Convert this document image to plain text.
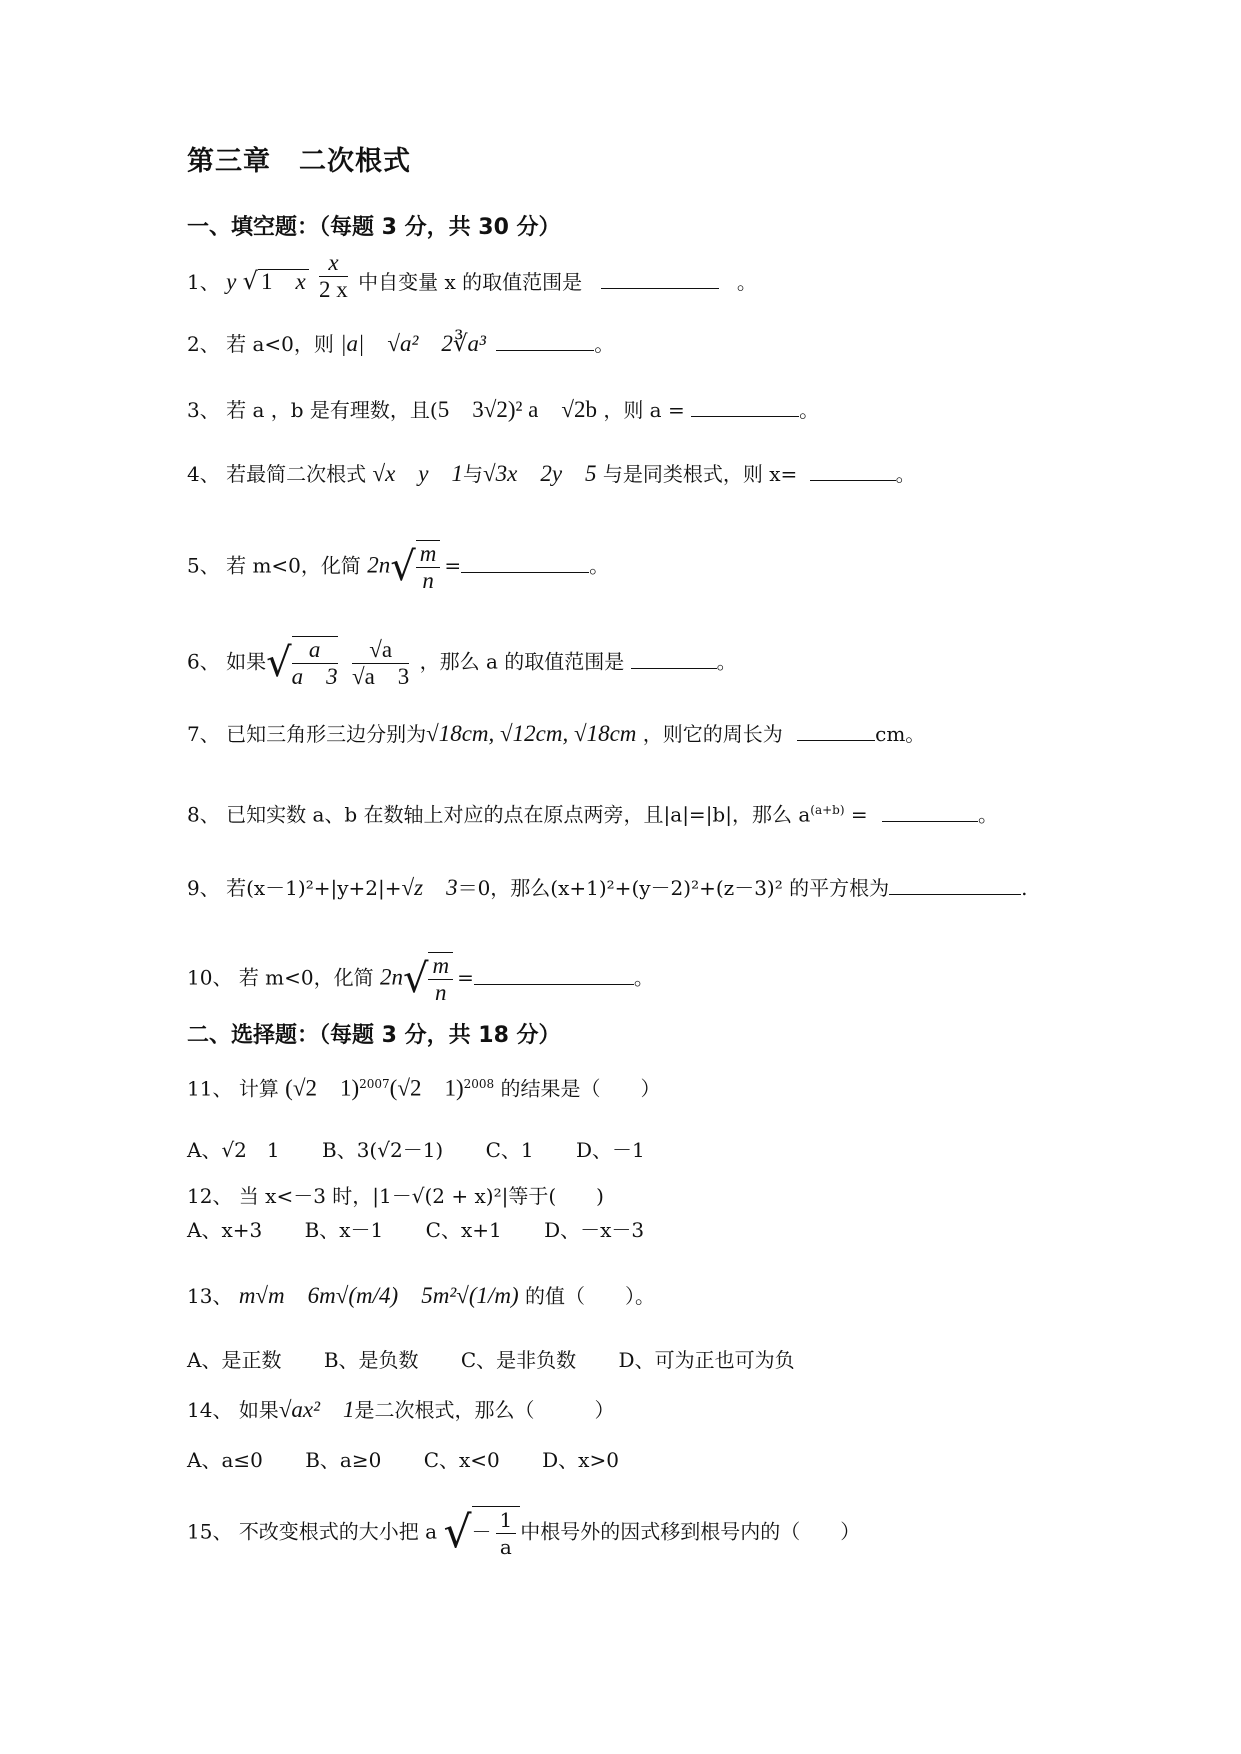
第三章　二次根式
一、填空题：（每题 3 分，共 30 分）
1、 y √ 1　 x $\frac{x}{2 x}$ 中自变量 x 的取值范围是	。
2、 若 a<0，则 |a|　√a²　2∛a³	。
3、 若 a ，b 是有理数，且(5　3√2)² a　√2b ，则 a =	。
4、 若最简二次根式 √x　y　1与√3x　2y　5 与是同类根式，则 x=	。
5、 若 m<0，化简 $2n√ \frac{m}{n}$ =	。
6、 如果√ $\frac{a}{a 3}$
$\frac{√a}{√a 3}$ ，那么 a 的取值范围是	。
7、 已知三角形三边分别为√18cm, √12cm, √18cm ，则它的周长为	cm。
8、 已知实数 a、b 在数轴上对应的点在原点两旁，且|a|=|b|，那么 $a^{(a+b)}$ =	。
9、 若(x－1)²+|y+2|+√z　3＝0，那么(x+1)²+(y－2)²+(z－3)² 的平方根为	.
10、 若 m<0，化简 $2n√ \frac{m}{n}$ =	。
二、选择题：（每题 3 分，共 18 分）
11、 计算 (√2　1)$^{2007}$(√2　1)$^{2008}$ 的结果是（　　）
A、√2　1 B、3(√2－1) C、1 D、－1
12、 当 x<－3 时，|1－√(2 + x)²|等于(　　)
A、x+3 B、x－1 C、x+1 D、－x－3
13、 m√m　6m√(m/4)　5m²√(1/m) 的值（　　）。
A、是正数 B、是负数 C、是非负数 D、可为正也可为负
14、 如果√ax²　1是二次根式，那么（　　　）
A、a≤0 B、a≥0 C、x<0 D、x>0
15、 不改变根式的大小把 a √－ $\frac{1}{a}$ 中根号外的因式移到根号内的（　　）
